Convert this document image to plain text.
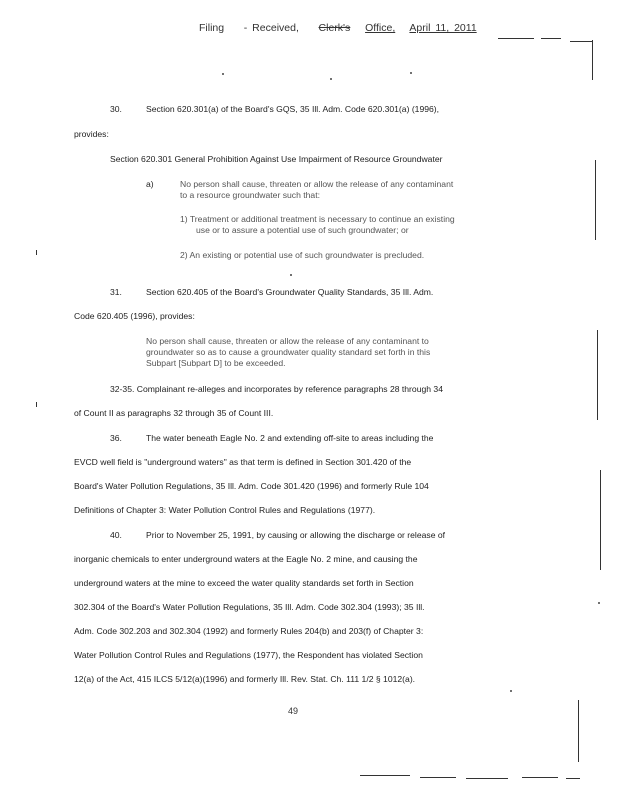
Filing - Received, Clerk's Office, April 11, 2011
30.	Section 620.301(a) of the Board's GQS, 35 Ill. Adm. Code 620.301(a) (1996),
provides:
Section 620.301 General Prohibition Against Use Impairment of Resource Groundwater
a)	No person shall cause, threaten or allow the release of any contaminant
to a resource groundwater such that:
1) Treatment or additional treatment is necessary to continue an existing
use or to assure a potential use of such groundwater; or
2) An existing or potential use of such groundwater is precluded.
31.	Section 620.405 of the Board's Groundwater Quality Standards, 35 Ill. Adm.
Code 620.405 (1996), provides:
No person shall cause, threaten or allow the release of any contaminant to
groundwater so as to cause a groundwater quality standard set forth in this
Subpart [Subpart D] to be exceeded.
32-35. Complainant re-alleges and incorporates by reference paragraphs 28 through 34
of Count II as paragraphs 32 through 35 of Count III.
36.	The water beneath Eagle No. 2 and extending off-site to areas including the
EVCD well field is "underground waters" as that term is defined in Section 301.420 of the
Board's Water Pollution Regulations, 35 Ill. Adm. Code 301.420 (1996) and formerly Rule 104
Definitions of Chapter 3: Water Pollution Control Rules and Regulations (1977).
40.	Prior to November 25, 1991, by causing or allowing the discharge or release of
inorganic chemicals to enter underground waters at the Eagle No. 2 mine, and causing the
underground waters at the mine to exceed the water quality standards set forth in Section
302.304 of the Board's Water Pollution Regulations, 35 Ill. Adm. Code 302.304 (1993); 35 Ill.
Adm. Code 302.203 and 302.304 (1992) and formerly Rules 204(b) and 203(f) of Chapter 3:
Water Pollution Control Rules and Regulations (1977), the Respondent has violated Section
12(a) of the Act, 415 ILCS 5/12(a)(1996) and formerly Ill. Rev. Stat. Ch. 111 1/2 § 1012(a).
49
